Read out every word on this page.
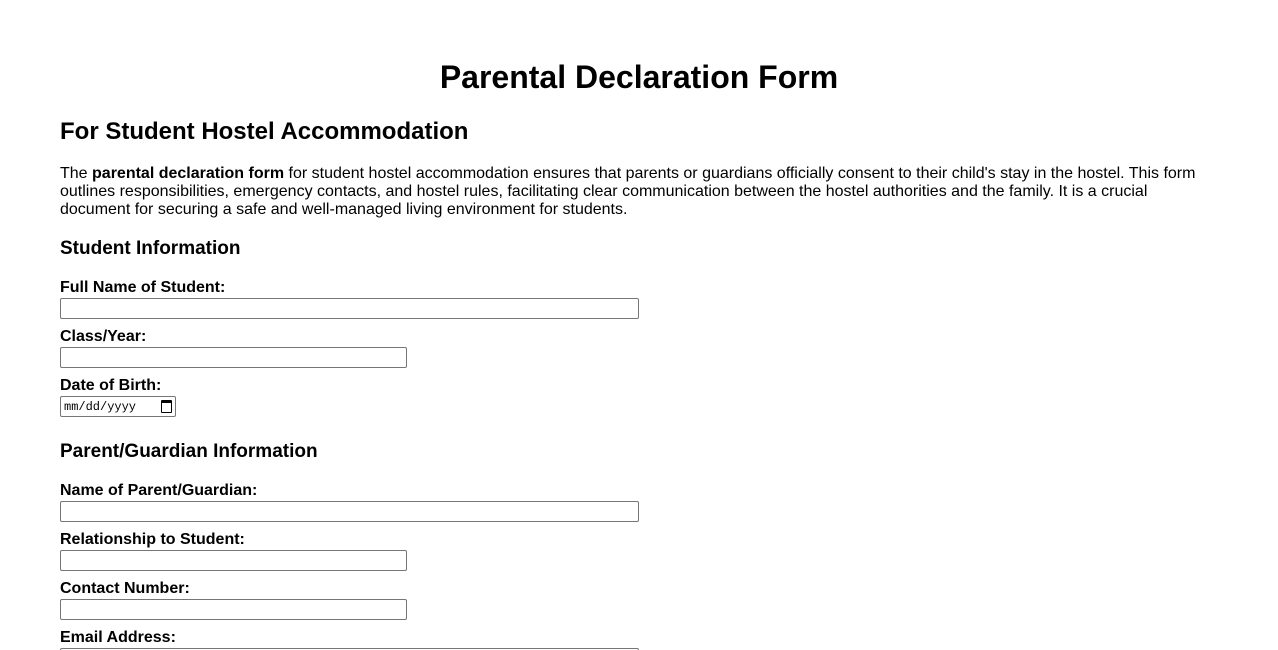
Parental Declaration Form
For Student Hostel Accommodation

The parental declaration form for student hostel accommodation ensures that parents or guardians officially consent to their child's stay in the hostel. This form outlines responsibilities, emergency contacts, and hostel rules, facilitating clear communication between the hostel authorities and the family. It is a crucial document for securing a safe and well-managed living environment for students.

Student Information
Full Name of Student:
Class/Year:
Date of Birth:
mm/dd/yyyy
Parent/Guardian Information
Name of Parent/Guardian:
Relationship to Student:
Contact Number:
Email Address:
